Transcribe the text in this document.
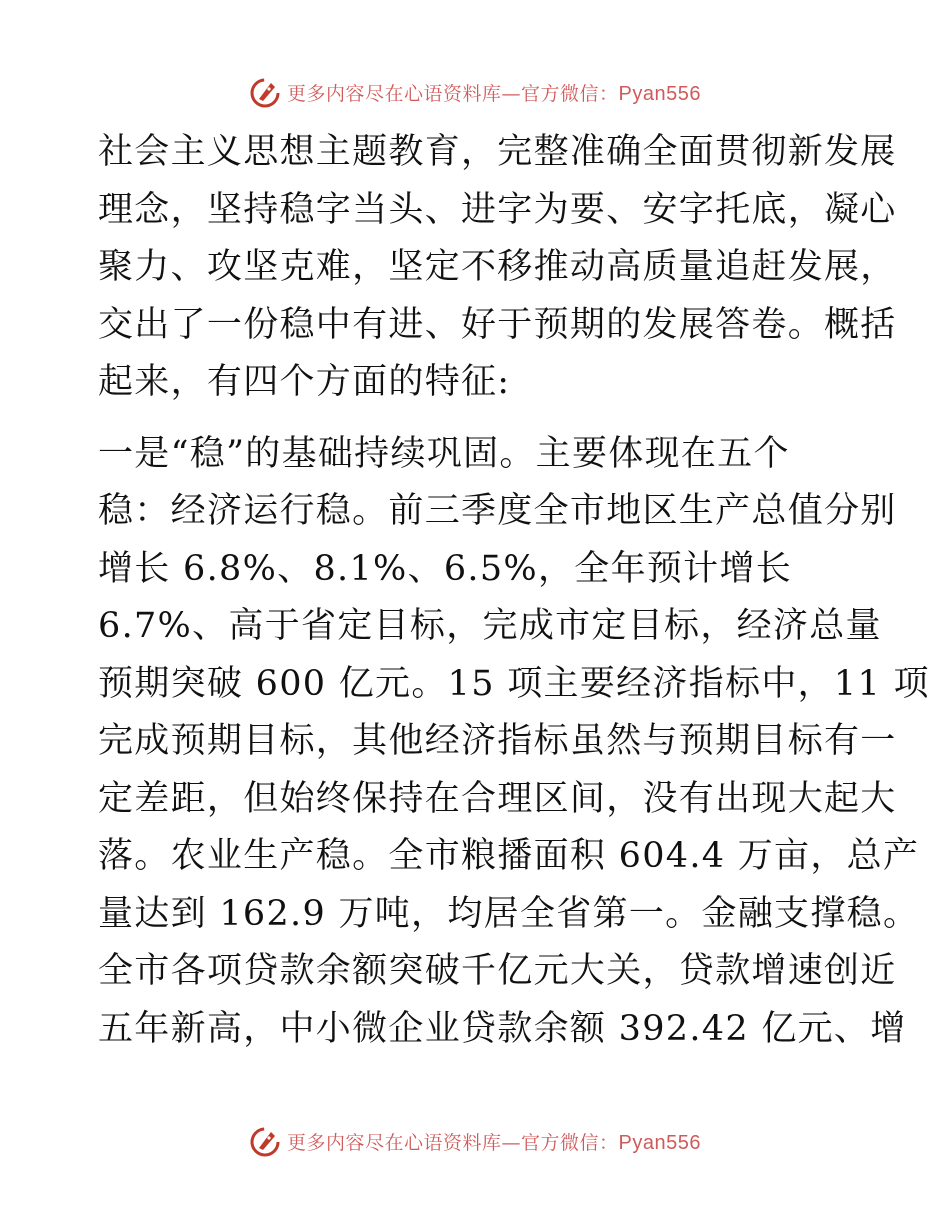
更多内容尽在心语资料库—官方微信：Pyan556
社会主义思想主题教育，完整准确全面贯彻新发展
理念，坚持稳字当头、进字为要、安字托底，凝心
聚力、攻坚克难，坚定不移推动高质量追赶发展，
交出了一份稳中有进、好于预期的发展答卷。概括
起来，有四个方面的特征:
一是“稳”的基础持续巩固。主要体现在五个
稳：经济运行稳。前三季度全市地区生产总值分别
增长 6.8%、8.1%、6.5%，全年预计增长
6.7%、高于省定目标，完成市定目标，经济总量
预期突破 600 亿元。15 项主要经济指标中，11 项
完成预期目标，其他经济指标虽然与预期目标有一
定差距，但始终保持在合理区间，没有出现大起大
落。农业生产稳。全市粮播面积 604.4 万亩，总产
量达到 162.9 万吨，均居全省第一。金融支撑稳。
全市各项贷款余额突破千亿元大关，贷款增速创近
五年新高，中小微企业贷款余额 392.42 亿元、增
更多内容尽在心语资料库—官方微信：Pyan556
